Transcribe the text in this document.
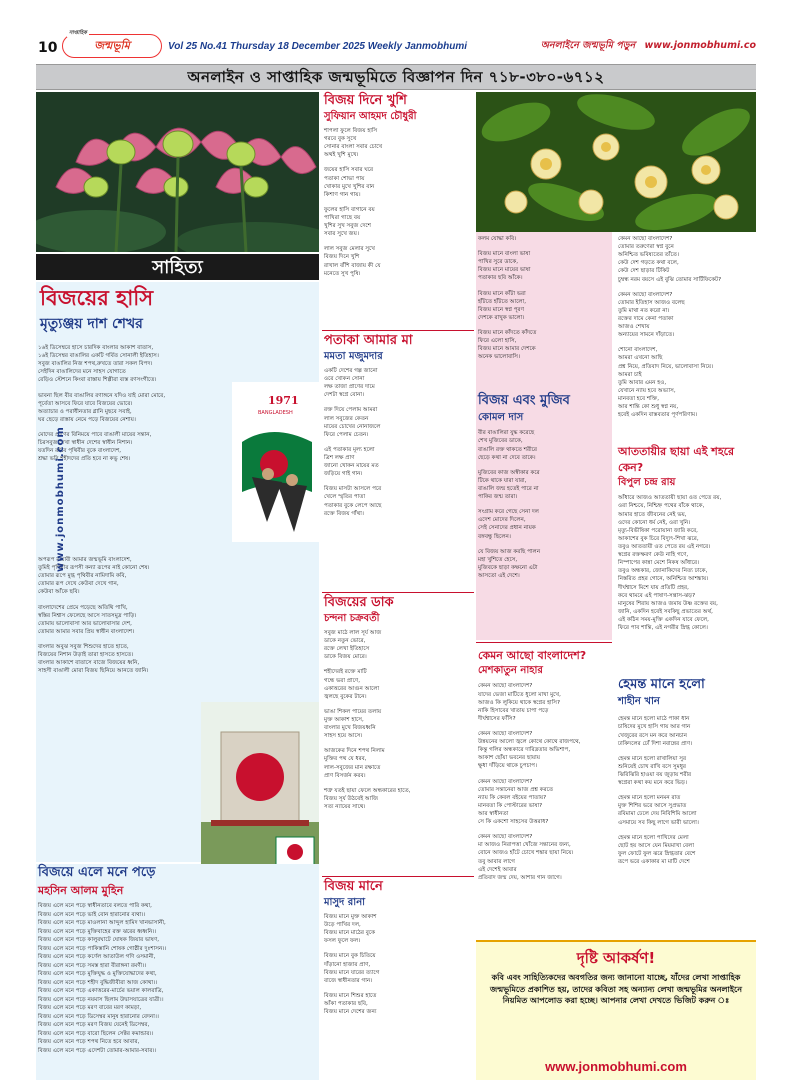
10
সাপ্তাহিক
জন্মভূমি	Vol 25 No.41 Thursday 18 December 2025 Weekly Janmobhumi	অনলাইনে জন্মভূমি পড়ুন www.jonmobhumi.co
অনলাইন ও সাপ্তাহিক জন্মভূমিতে বিজ্ঞাপন দিন ৭১৮-৩৮০-৬৭১২
সাহিত্য
বিজয়ের হাসি
মৃত্যুঞ্জয় দাশ শেখর
১৬ই ডিসেম্বরে হাসে চারদিক বাংলার আকাশ বাতাস,
১৬ই ডিসেম্বর বাঙালির একটি গর্বিত সোনালী ইতিহাস।
সবুজ বাঙালির নিজ শপথ,রুখতে তারা সকল বিপদ।
সেইদিন বাঙালিদের মনে সাহস যোগাতে
রেড়িও স্টেশনে কিংবা রাস্তায় শিল্পীরা ব্যস্ত রণসংগীতে।
ভাবনা ছিল বীর বাঙালির রণাঙ্গনে যদিও যাই মোরা মোরে,
পূর্বেতা আসবে ফিরে যাবে বিজয়ের ভোরে।
অত্যাচার ও পরাধীনতার গ্লানি মুছবে সবাই,
ঘর ছেড়ে রাস্তায় নেমে পড়ে বিজয়ের নেশায়।
মোদের প্রাণের বিনিময়ে পাবে বাঙালী মায়ের সন্তান,
চিরসবুজ দেখা স্বাধীন দেশের স্বাধীন নিশান।
যতদিন রইবে পৃথিবীর বুকে বাংলাদেশ,
শ্রদ্ধা ভরি শহীদদের প্রতি হবে না কভু শেষ।
অপরূপ মায়াবী আমার জন্মভূমি বাংলাদেশ,
তুমিই পৃথিবীর রূপসী কন্যা রূপের নাই কোনো শেষ।
তোমার রূপে মুগ্ধ পৃথিবীর নামিদামি কবি,
তোমার রূপ দেখে কেউবা দেখে গান,
কেউবা আঁকে ছবি।
বাংলাদেশের প্রেমে পড়েছে অতিথি পাখি,
স্বস্তির নিশ্বাস ফেলেছে আসে সাতসমুদ্র পাড়ি।
তোমায় ভালোবাসা আর ভালোবাসার দেশ,
তোমার আমার সবার প্রিয় স্বাধীন বাংলাদেশ।
বাংলার অবুঝ সবুজ শিশুদের হাতে হাতে,
বিজয়ের নিশান উড়াই তারা হাসতে হাসতে।
বাংলার আকাশে বাতাসে বাজে বিজয়ের ধ্বনি,
সাহসী বাঙালী মোরা বিজয় ছিনিয়ে আনতে জানি।
1971
BANGLADESH
www.jonmobhumi.com
বিজয়ে এলে মনে পড়ে
মহসিন আলম মুহিন
বিজয় এলে মনে পড়ে স্বাধীনতাবে বলতে পারি কথা,
বিজয় এলে মনে পড়ে ভাই বোন হারানোর ব্যথা।।
বিজয় এলে মনে পড়ে মাওলানা আব্দুল হামিদ খানভাসানী,
বিজয় এলে মনে পড়ে মুক্তিবাহের রক্ত ঝরের ধ্বধ্বনি।।
বিজয় এলে মনে পড়ে কালুরঘাটে ঘোষক জিয়ার ভাষণ,
বিজয় এলে মনে পড়ে পাকিস্তানি শোষক গোষ্ঠীর দুঃশাসন।।
বিজয় এলে মনে পড়ে কর্ণেল আতাউল গণি ওসমানী,
বিজয় এলে মনে পড়ে সমস্ত হারা বীরাঙ্গনা রমণী।।
বিজয় এলে মনে পড়ে মুক্তিযুদ্ধ ও মুক্তিযোদ্ধাদের কথা,
বিজয় এলে মনে পড়ে শহীদ বুদ্ধিজীবীরা আজ কোথা।।
বিজয় এলে মনে পড়ে একাত্তরের-মার্চের ভয়াল কালরাত্রি,
বিজয় এলে মনে পড়ে নয়মাস ছিলাম উদ্বাসযাত্রের যাত্রী।।
বিজয় এলে মনে পড়ে মরণ বাবের মরণ কামড়া,
বিজয় এলে মনে পড়ে ডিসেম্বর মানুষ হারানোর বেদনা।।
বিজয় এলে মনে পড়ে মরণ বিজয় যেনেই ডিসেম্বর,
বিজয় এলে মনে পড়ে বারো ছিলেন সেক্টর কমান্ডার।।
বিজয় এলে মনে পড়ে শপথ নিতে হবে আবার,
বিজয় এলে মনে পড়ে এদেশটা তোমার-আমার-সবার।।
বিজয় দিনে খুশি
সুফিয়ান আহমদ চৌধুরী
শাপলা ফুলে বিজয় হাসি
গরবে বুক সুখে
সোনার বাংলা সবার চোখে
অথই খুশি মুখে।
জয়ের হাসি সবার ঘরে
পতাকা শোভা পায়
খোকার মুখে খুশির বান
কিশাণ গান গায়।
ফুলের হাসি বাগানে বয়
পাখিরা গাছে বয়
খুশির সুখ সবুজ দেশে
সবার সুখে জয়।
লাল সবুজ মেলার সুখে
বিজয় দিনে খুশি
রাখাল বাঁশি বাজায় কী যে
মনেতে সুখ পুষি।
পতাকা আমার মা
মমতা মজুমদার
একটি দেশের গল্প জানো
ওরে খোকন সোনা
লক্ষ তাজা প্রাণের দামে
দেশটা স্বপ্নে বোনা।
রক্ত দিয়ে পেলাম আমরা
লাল সবুজের কেতন
মায়ের চোখের নোনাজলে
ফিরে পেলাম চেতন।
এই পতাকার মূল্য হলো
ত্রিশ লক্ষ প্রাণ
জানো খোকন মায়ের মত
জড়িয়ে গাই গান।
বিজয় মাসটা আসলে পরে
খেলে স্মৃতির পাতা
পতাকার বুকে লেপে আছে
রক্তে বিজয় গাঁথা।
বিজয়ের ডাক
চন্দনা চক্রবর্তী
সবুজ মাঠে লাল সূর্য আজ
ডাকে নতুন ভোরে,
রক্তে লেখা ইতিহাসে
ডাকে বিজয় মোরে।
শহীদেরই রক্তে মাটি
গন্ধে ভরা প্রাণে,
একাত্তরের আগুন আলো
জ্বলছে বুকের টানে।
ভাঙা শিকল পায়ের তলায়
মুক্ত আকাশ হাসে,
বাংলার মুখে বিজয়ধ্বনি
সাহস হয়ে আসে।
আজকের দিনে শপথ নিলাম
মুক্তির পথ যে ধরব,
লাল-সবুজের মান রক্ষাতে
প্রাণ বিসর্জন করব।
শত্রু যতই ছায়া ফেলে অন্ধকারের হাতে,
বিজয় সূর্য উঠবেই আজি
সত্য ন্যায়ের সাথে।
বিজয় মানে
মাসুদ রানা
বিজয় মানে মুক্ত আকাশ
উড়ে পাখির দল,
বিজয় মানে মাঠের বুকে
ফসল ফুলে ফল।
বিজয় মানে বুক চিতিয়ে
দাঁড়ানো হাজার প্রাণ,
বিজয় মানে যারের ত্যাগে
বাজে স্বাধীনতার গান।
বিজয় মানে শিশুর হাতে
আঁকা পতাকার ছবি,
বিজয় মানে দেশের জন্য
কলম যোদ্ধা কবি।
বিজয় মানে বাংলা ভাষা
পাখির সুরে ডাকে,
বিজয় মানে মায়ের ভাষা
পতাকার ছবি আঁকে।
বিজয় মানে কাঁটা ভরা
হাঁটতে হাঁটতে আলো,
বিজয় মানে স্বপ্ন পূরণ
দেশকে রাখুক ভালো।
বিজয় মানে কাঁদতে কাঁদতে
ফিরে এলো হাসি,
বিজয় মানে আমার দেশকে
অনেক ভালোবাসি।
বিজয় এবং মুজিব
কোমল দাস
বীর বাঙালিরা যুদ্ধ করেছে
শেখ মুজিবের ডাকে,
বাঙালি রক্ত থাকতে শরীরে
ছেড়ে কথা না দেবে তাকে।
মুজিবের কাজ অস্বীকার করে
টিকে থাকে যারা যারা,
বাঙালি জন্ম হতেই পারে না
পাকির জন্ম তারা।
সংগ্রাম করে গেছে সেনা দল
এদেশ মোদের দিলেন,
সেই সেনাদের প্রধান নায়ক
বঙ্গবন্ধু ছিলেন।
যে বিজয় আজ করছি পালন
মহা খুশিতে হেসে,
মুজিবকে ছাড়া কক্ষনো এটা
আসতো এই দেশে।
কেমন আছো বাংলাদেশ?
মেশকাতুন নাহার
কেমন আছো বাংলাদেশ?
যাদের ভেজা মাটিতে ধুলো মাখা মুখে,
আজও কি লুকিয়ে থাকে স্বপ্নের হাসি?
নাকি হিসাবের খাতায় চাপা পড়ে
দীর্ঘশ্বাসের ফাঁসি?
কেমন আছো বাংলাদেশ?
উন্নয়নের আলো জ্বলে কোথে কোথে রাজপথে,
কিন্তু গলির অন্ধকারে দারিদ্রতার অভিশাপ,
আকাশ ছোঁয়া ভবনের ছায়ায়
ক্ষুধা দাঁড়িয়ে থাকে চুপচাপ।
কেমন আছো বাংলাদেশ?
তোমার সন্তানেরা আজ প্রশ্ন করতে
ন্যায় কি কেবল বইয়ের পাতায়?
মানবতা কি পোস্টারের ভাষা?
আর স্বাধীনতা
সে কি একশো সাহসের উত্তরাধ?
কেমন আছো বাংলাদেশ?
মা আজও নিরাপত্তা খোঁজে সন্তানের জন্য,
বোনে আজও হাঁটে চোখে শঙ্কার ছায়া নিয়ে।
তবু আবার লাগে
এই দেশেই আবার
প্রতিবাদ জন্ম দেয়, আশার গান জাগে।
কেমন আছো বাংলাদেশ?
তোমার তরুণেরা স্বপ্ন বুনে
অনিশ্চিত ভবিষ্যতের তাঁতে।
কেউ দেশ গড়তে কথা বলে,
কেউ দেশ ছাড়ার টিকিট
চুম্বন্ধ নরম বয়সে এই বুঝি তোমার সার্টিফিকেট?
কেমন আছো বাংলাদেশ?
তোমার ইতিহাস আজও বলেছ
তুমি মাথা নত করো না।
রক্তের দামে কেনা পতাকা
আজও শেখায়
অন্যায়ের সামনে দাঁড়াতে।
শোনো বাংলাদেশ,
আমরা এখনো আছি
প্রশ্ন নিয়ে, প্রতিবাদ নিয়ে, ভালোবাসা নিয়ে।
আমরা চাই
তুমি আবার এমন হও,
যেখানে ন্যায় হবে অভ্যাস,
মানবতা হবে শক্তি,
আর শান্তি কো শুধু স্বপ্ন নয়,
হবেই একদিন বাস্তবতার পূর্ণপরিণাম।
আততায়ীর ছায়া এই শহরে কেন?
বিপুল চন্দ্র রায়
আঁধারে আজও আততায়ী ছায়া ওত পেতে রয়,
ওরা নিশ্চয়ে, নিশ্চিহ্ন পথের বাঁকে থাকে,
আমার হাতে জীবনের নেই ভয়,
ওদের কোনো ধর্ম নেই, ওরা খুনি।
মৃত্যু-বিভীষিকা পরোয়ানা জারি করে,
আকাশের বুক চিরে বিদ্যুৎ-শিখা ঝরে,
তবুও আততায়ী ওত পেতে রয় এই নগরে।
স্বপ্নের রক্তক্ষরণ কেউ নাহি গণে,
নিস্পাপের কান্না মেশে নিকষ আঁধারে।
তবুও অন্ধকার, জোনাকিদের নিত্য ঢাকে,
নিস্তরিত প্রহর গোনে, অনিশ্চিত আশঙ্কায়।
দীর্ঘশ্বাসে মিশে যায় প্রতিটি প্রহর,
কবে থামবে এই পাষাণ-সন্ত্রাস-ঝড়?
মানুষের শিরায় আজও জমায় উষ্ণ রক্তের বয়,
জানি, একদিন হবেই সবকিছু প্রভাতের অর্থ,
এই কঠিন সময়-মুক্তি একদিন যাবে ফেলে,
ফিরে পাব শান্তি, এই নগরীর স্নিগ্ধ কোলে।
হেমন্ত মানে হলো
শাহীন খান
হেমন্ত মানে হলো মাঠে পাকা ধান
চাষিদের মুখে হাসি গায় আর গান
খেজুরের রসে মন করে আনচান
ঢাকিদলের ঢোঁ দিশা নবান্নের প্রাণ।
হেমন্ত মানে হলো রাখালিয়া সুর
শুনিয়েই চোখ রাখি বসে সুমধুর
ঝিরিঝিরি হাওয়া বয় জুড়ায় শরীর
স্বপ্নেরা কথা কয় মনে করে ভিড়।
হেমন্ত মানে হলো মনমন রাত
মুক্ত শিশির ভরে আসে সুপ্রভাত
রবিমামা ঢেলে দেয় নিবিশিমি আলো
এসমায়ে সব কিছু লাগে ভারী ভালো।
হেমন্ত মানে হলো পাখিদের মেলা
ছোট হয় আসে যেন মিয়মাখা বেলা
ফুল ফোটে ফুল ঝরে স্নিগ্ধতার বেশে
রূপে ভরে একাকার মা মাটি দেশে
দৃষ্টি আকর্ষণ!
কবি এবং সাহিত্যিকদের অবগতির জন্য জানানো যাচ্ছে, যাঁদের লেখা সাপ্তাহিক জন্মভূমিতে প্রকাশিত হয়, তাদের কবিতা সহ অন্যান্য লেখা জন্মভূমির অনলাইনে নিয়মিত আপলোড করা হচ্ছে। আপনার লেখা দেখতে ভিজিট করুন ঃ
www.jonmobhumi.com
